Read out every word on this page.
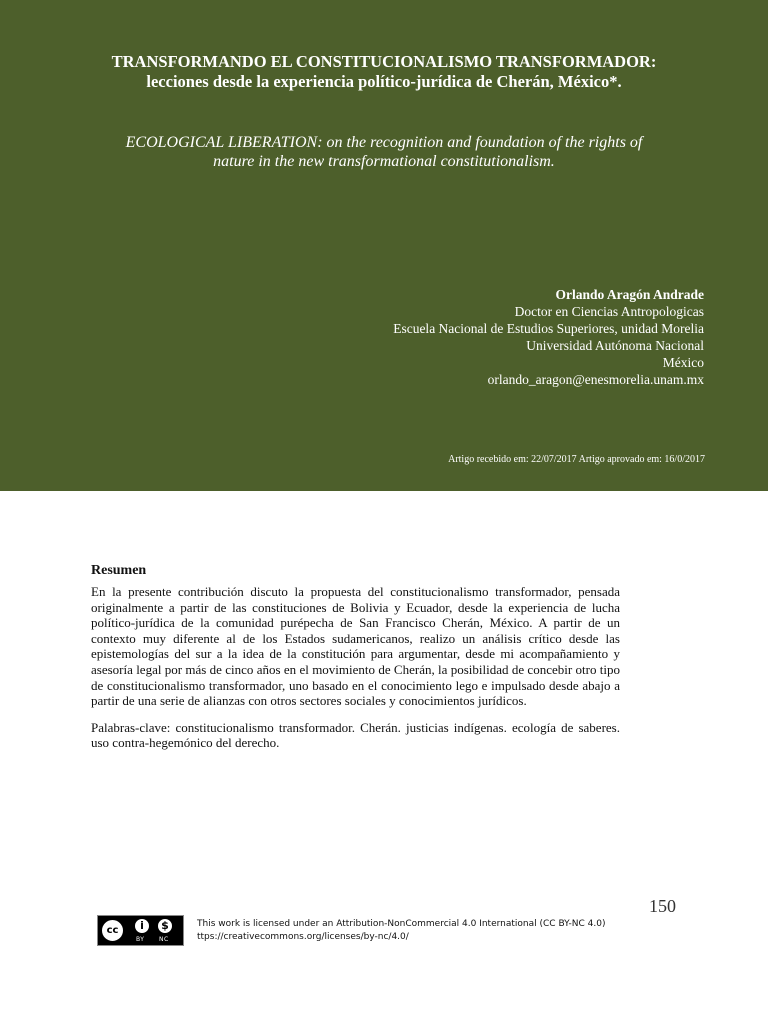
TRANSFORMANDO EL CONSTITUCIONALISMO TRANSFORMADOR:
lecciones desde la experiencia político-jurídica de Cherán, México*.
ECOLOGICAL LIBERATION: on the recognition and foundation of the rights of
nature in the new transformational constitutionalism.
Orlando Aragón Andrade
Doctor en Ciencias Antropologicas
Escuela Nacional de Estudios Superiores, unidad Morelia
Universidad Autónoma Nacional
México
orlando_aragon@enesmorelia.unam.mx
Artigo recebido em: 22/07/2017 Artigo aprovado em: 16/0/2017
Resumen

En la presente contribución discuto la propuesta del constitucionalismo transformador, pensada originalmente a partir de las constituciones de Bolivia y Ecuador, desde la experiencia de lucha político-jurídica de la comunidad purépecha de San Francisco Cherán, México. A partir de un contexto muy diferente al de los Estados sudamericanos, realizo un análisis crítico desde las epistemologías del sur a la idea de la constitución para argumentar, desde mi acompañamiento y asesoría legal por más de cinco años en el movimiento de Cherán, la posibilidad de concebir otro tipo de constitucionalismo transformador, uno basado en el conocimiento lego e impulsado desde abajo a partir de una serie de alianzas con otros sectores sociales y conocimientos jurídicos.

Palabras-clave: constitucionalismo transformador. Cherán. justicias indígenas. ecología de saberes. uso contra-hegemónico del derecho.

150
cc	i	$
BY NC
This work is licensed under an Attribution-NonCommercial 4.0 International (CC BY-NC 4.0)
ttps://creativecommons.org/licenses/by-nc/4.0/
